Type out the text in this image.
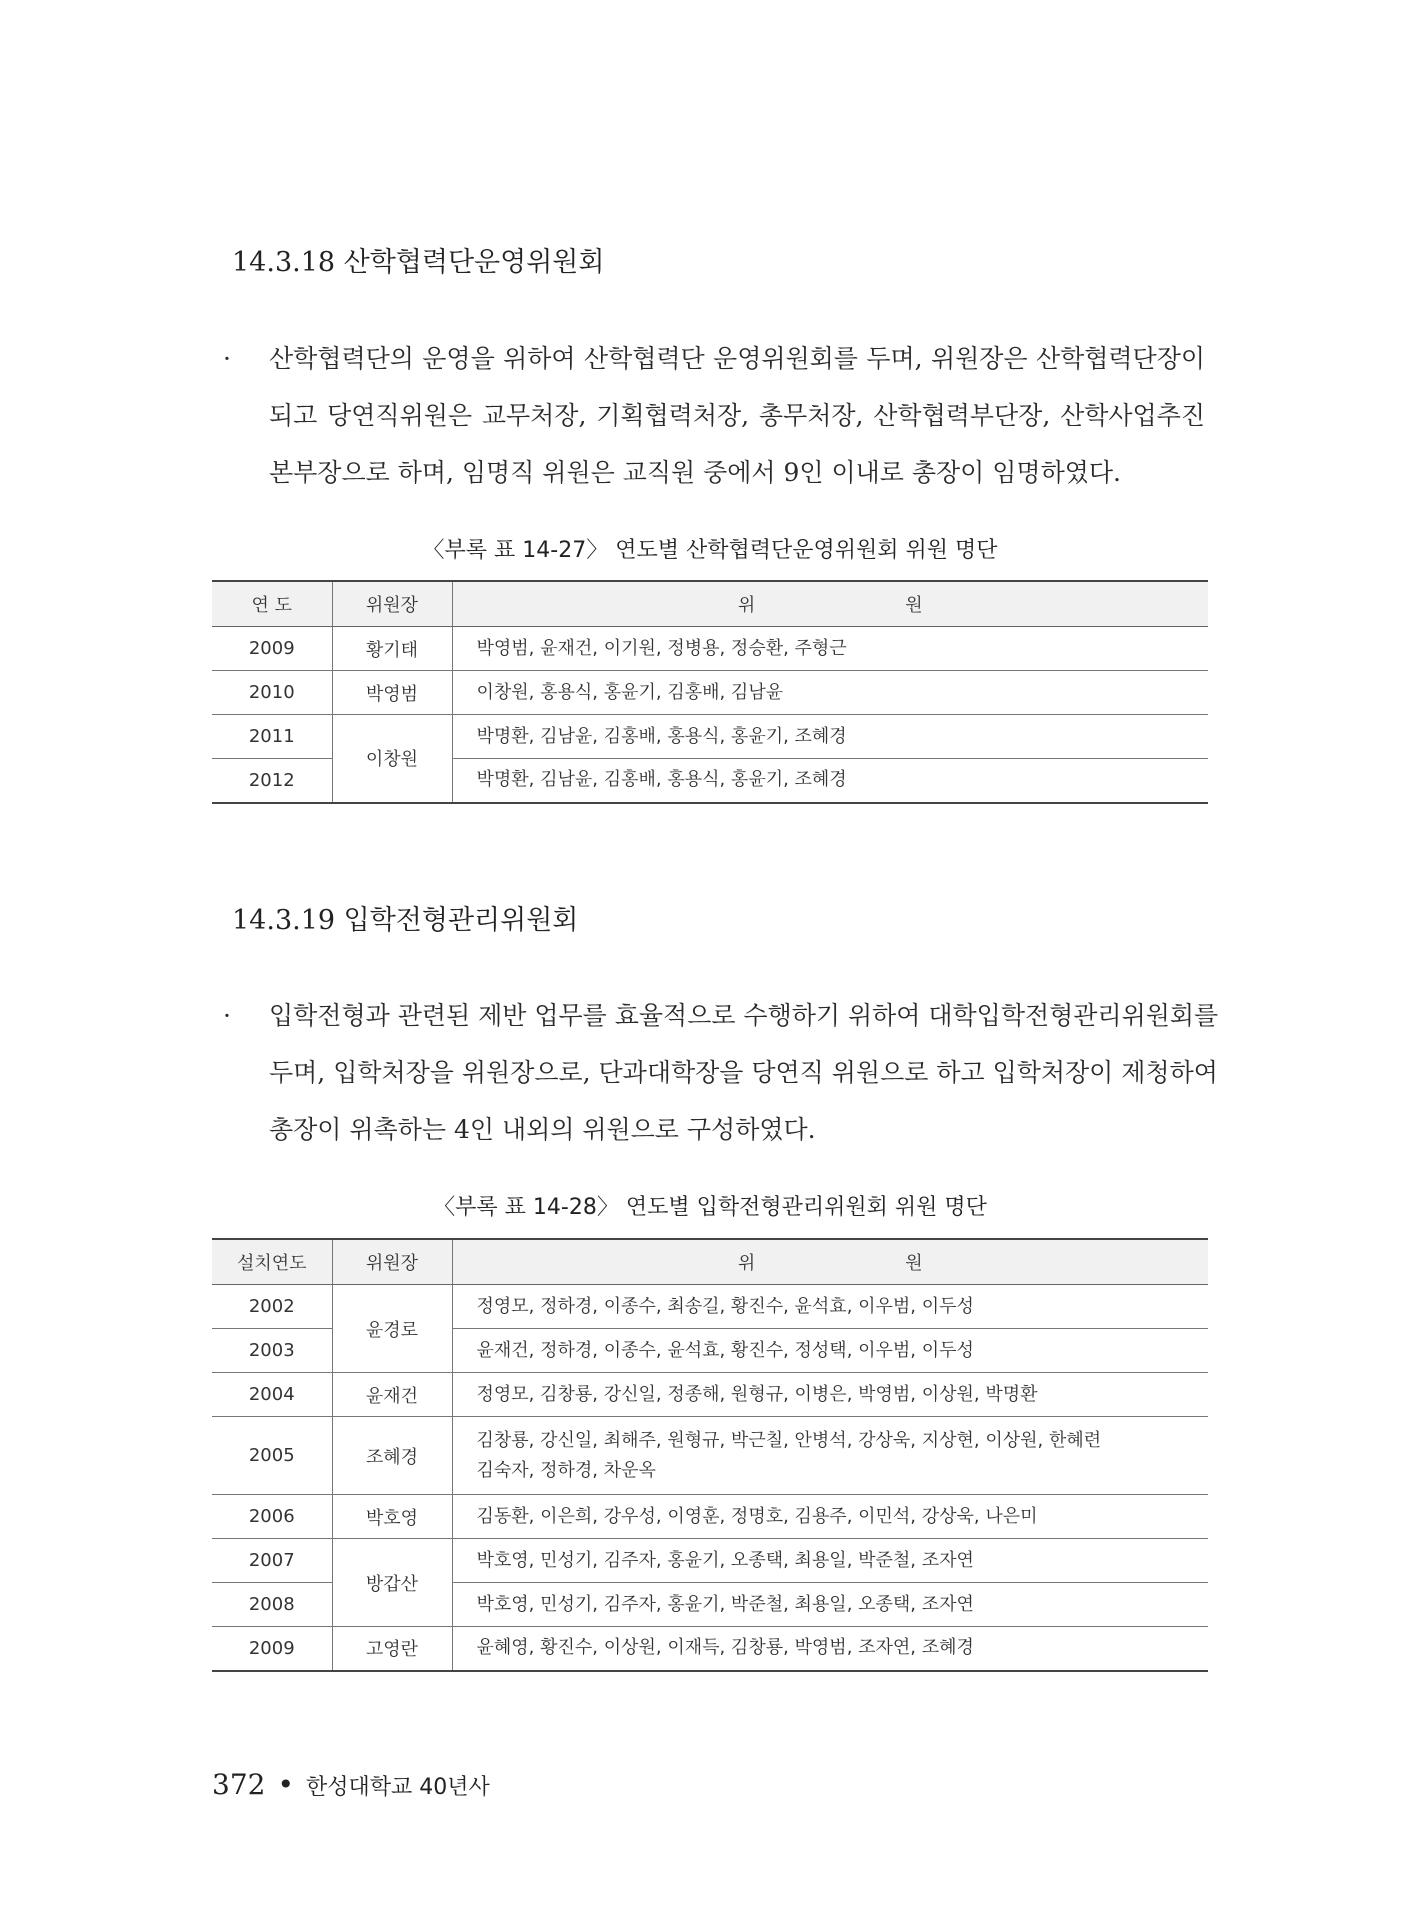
14.3.18 산학협력단운영위원회
· 산학협력단의 운영을 위하여 산학협력단 운영위원회를 두며, 위원장은 산학협력단장이
되고 당연직위원은 교무처장, 기획협력처장, 총무처장, 산학협력부단장, 산학사업추진
본부장으로 하며, 임명직 위원은 교직원 중에서 9인 이내로 총장이 임명하였다.
〈부록 표 14-27〉 연도별 산학협력단운영위원회 위원 명단
연 도	위원장	위 원
2009	황기태	박영범, 윤재건, 이기원, 정병용, 정승환, 주형근
2010	박영범	이창원, 홍용식, 홍윤기, 김홍배, 김남윤
2011	이창원	박명환, 김남윤, 김홍배, 홍용식, 홍윤기, 조혜경
2012		박명환, 김남윤, 김홍배, 홍용식, 홍윤기, 조혜경
14.3.19 입학전형관리위원회
· 입학전형과 관련된 제반 업무를 효율적으로 수행하기 위하여 대학입학전형관리위원회를
두며, 입학처장을 위원장으로, 단과대학장을 당연직 위원으로 하고 입학처장이 제청하여
총장이 위촉하는 4인 내외의 위원으로 구성하였다.
〈부록 표 14-28〉 연도별 입학전형관리위원회 위원 명단
설치연도	위원장	위 원
2002	윤경로	정영모, 정하경, 이종수, 최송길, 황진수, 윤석효, 이우범, 이두성
2003		윤재건, 정하경, 이종수, 윤석효, 황진수, 정성택, 이우범, 이두성
2004	윤재건	정영모, 김창룡, 강신일, 정종해, 원형규, 이병은, 박영범, 이상원, 박명환
2005	조혜경	김창룡, 강신일, 최해주, 원형규, 박근칠, 안병석, 강상욱, 지상현, 이상원, 한혜련
김숙자, 정하경, 차운옥

2006	박호영	김동환, 이은희, 강우성, 이영훈, 정명호, 김용주, 이민석, 강상욱, 나은미
2007	방갑산	박호영, 민성기, 김주자, 홍윤기, 오종택, 최용일, 박준철, 조자연
2008		박호영, 민성기, 김주자, 홍윤기, 박준철, 최용일, 오종택, 조자연
2009	고영란	윤혜영, 황진수, 이상원, 이재득, 김창룡, 박영범, 조자연, 조혜경
372 • 한성대학교 40년사
